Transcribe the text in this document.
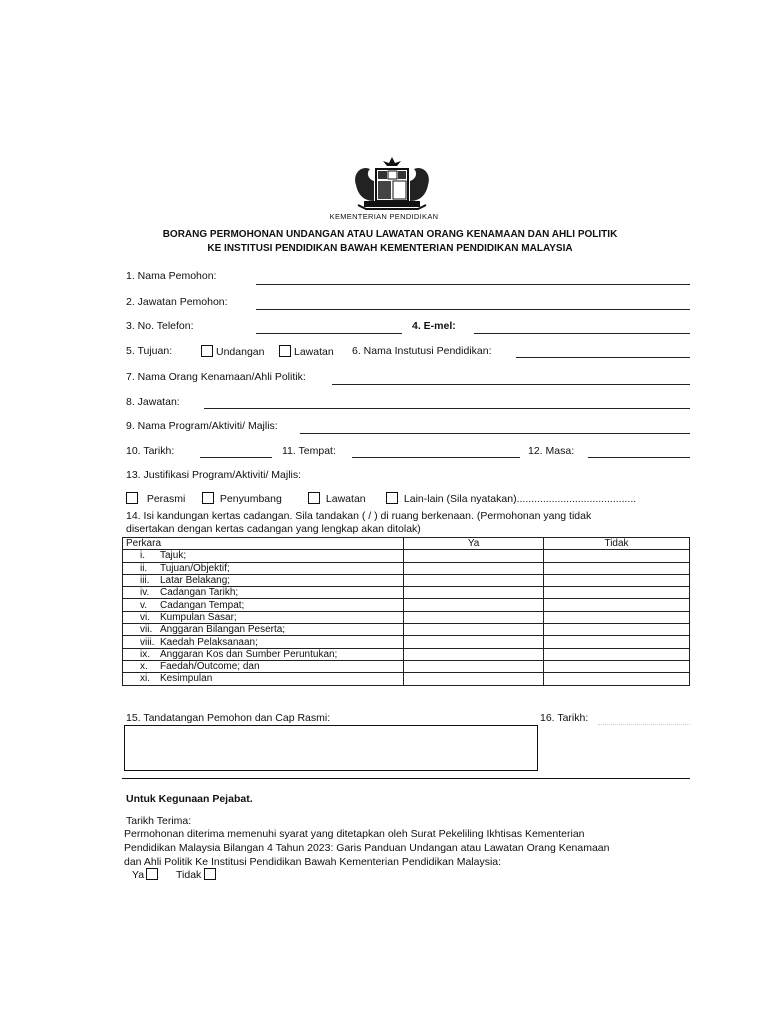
KEMENTERIAN PENDIDIKAN
BORANG PERMOHONAN UNDANGAN ATAU LAWATAN ORANG KENAMAAN DAN AHLI POLITIK
KE INSTITUSI PENDIDIKAN BAWAH KEMENTERIAN PENDIDIKAN MALAYSIA
1. Nama Pemohon:
2. Jawatan Pemohon:
3. No. Telefon:	4. E-mel:
5. Tujuan:	Undangan	Lawatan 6. Nama Instutusi Pendidikan:
7. Nama Orang Kenamaan/Ahli Politik:
8. Jawatan:
9. Nama Program/Aktiviti/ Majlis:
10. Tarikh:	11. Tempat:	12. Masa:
13. Justifikasi Program/Aktiviti/ Majlis:
Perasmi	Penyumbang	Lawatan	Lain-lain (Sila nyatakan).........................................
14. Isi kandungan kertas cadangan. Sila tandakan ( / ) di ruang berkenaan. (Permohonan yang tidak
disertakan dengan kertas cadangan yang lengkap akan ditolak)
Perkara	Ya	Tidak
i. Tajuk;		
ii. Tujuan/Objektif;		
iii. Latar Belakang;		
iv. Cadangan Tarikh;		
v. Cadangan Tempat;		
vi. Kumpulan Sasar;		
vii. Anggaran Bilangan Peserta;		
viii. Kaedah Pelaksanaan;		
ix. Anggaran Kos dan Sumber Peruntukan;		
x. Faedah/Outcome; dan		
xi. Kesimpulan		
15. Tandatangan Pemohon dan Cap Rasmi:	16. Tarikh:
Untuk Kegunaan Pejabat.
Tarikh Terima:
Permohonan diterima memenuhi syarat yang ditetapkan oleh Surat Pekeliling Ikhtisas Kementerian
Pendidikan Malaysia Bilangan 4 Tahun 2023: Garis Panduan Undangan atau Lawatan Orang Kenamaan
dan Ahli Politik Ke Institusi Pendidikan Bawah Kementerian Pendidikan Malaysia:
Ya	Tidak
